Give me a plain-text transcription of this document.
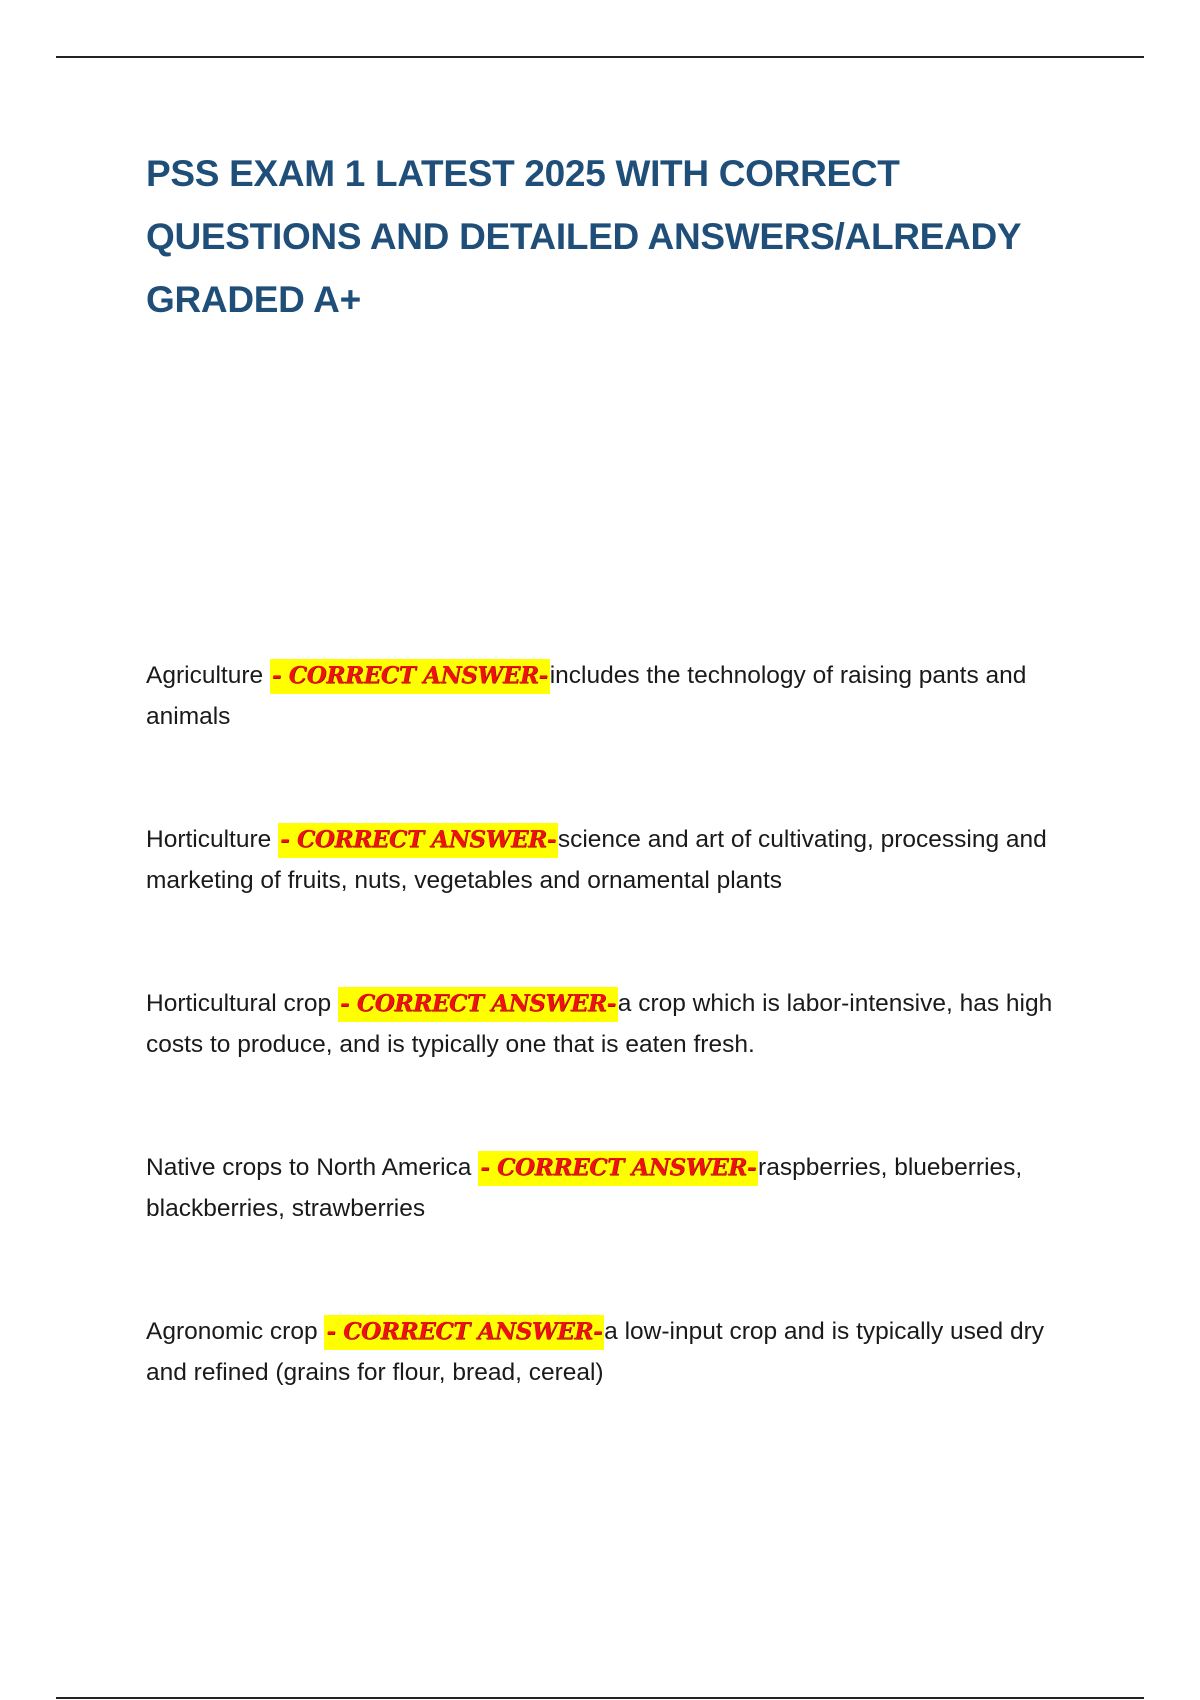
PSS EXAM 1 LATEST 2025 WITH CORRECT QUESTIONS AND DETAILED ANSWERS/ALREADY GRADED A+

Agriculture - CORRECT ANSWER-includes the technology of raising pants and animals

Horticulture - CORRECT ANSWER-science and art of cultivating, processing and marketing of fruits, nuts, vegetables and ornamental plants

Horticultural crop - CORRECT ANSWER-a crop which is labor-intensive, has high costs to produce, and is typically one that is eaten fresh.

Native crops to North America - CORRECT ANSWER-raspberries, blueberries, blackberries, strawberries

Agronomic crop - CORRECT ANSWER-a low-input crop and is typically used dry and refined (grains for flour, bread, cereal)
